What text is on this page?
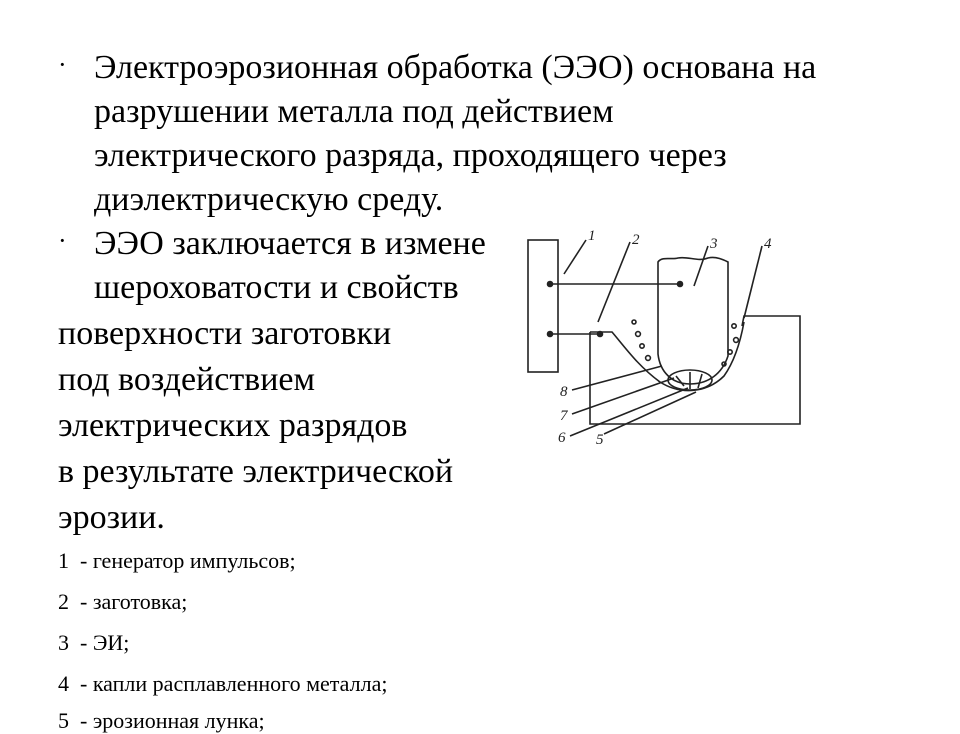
· Электроэрозионная обработка (ЭЭО) основана на
разрушении металла под действием
электрического разряда, проходящего через
диэлектрическую среду.
· ЭЭО заключается в измене
шероховатости и свойств
поверхности заготовки
под воздействием
электрических разрядов
в результате электрической
эрозии.
1 - генератор импульсов;
2 - заготовка;
3 - ЭИ;
4 - капли расплавленного металла;
5 - эрозионная лунка;
1 2	3	4
8
7
6 5
